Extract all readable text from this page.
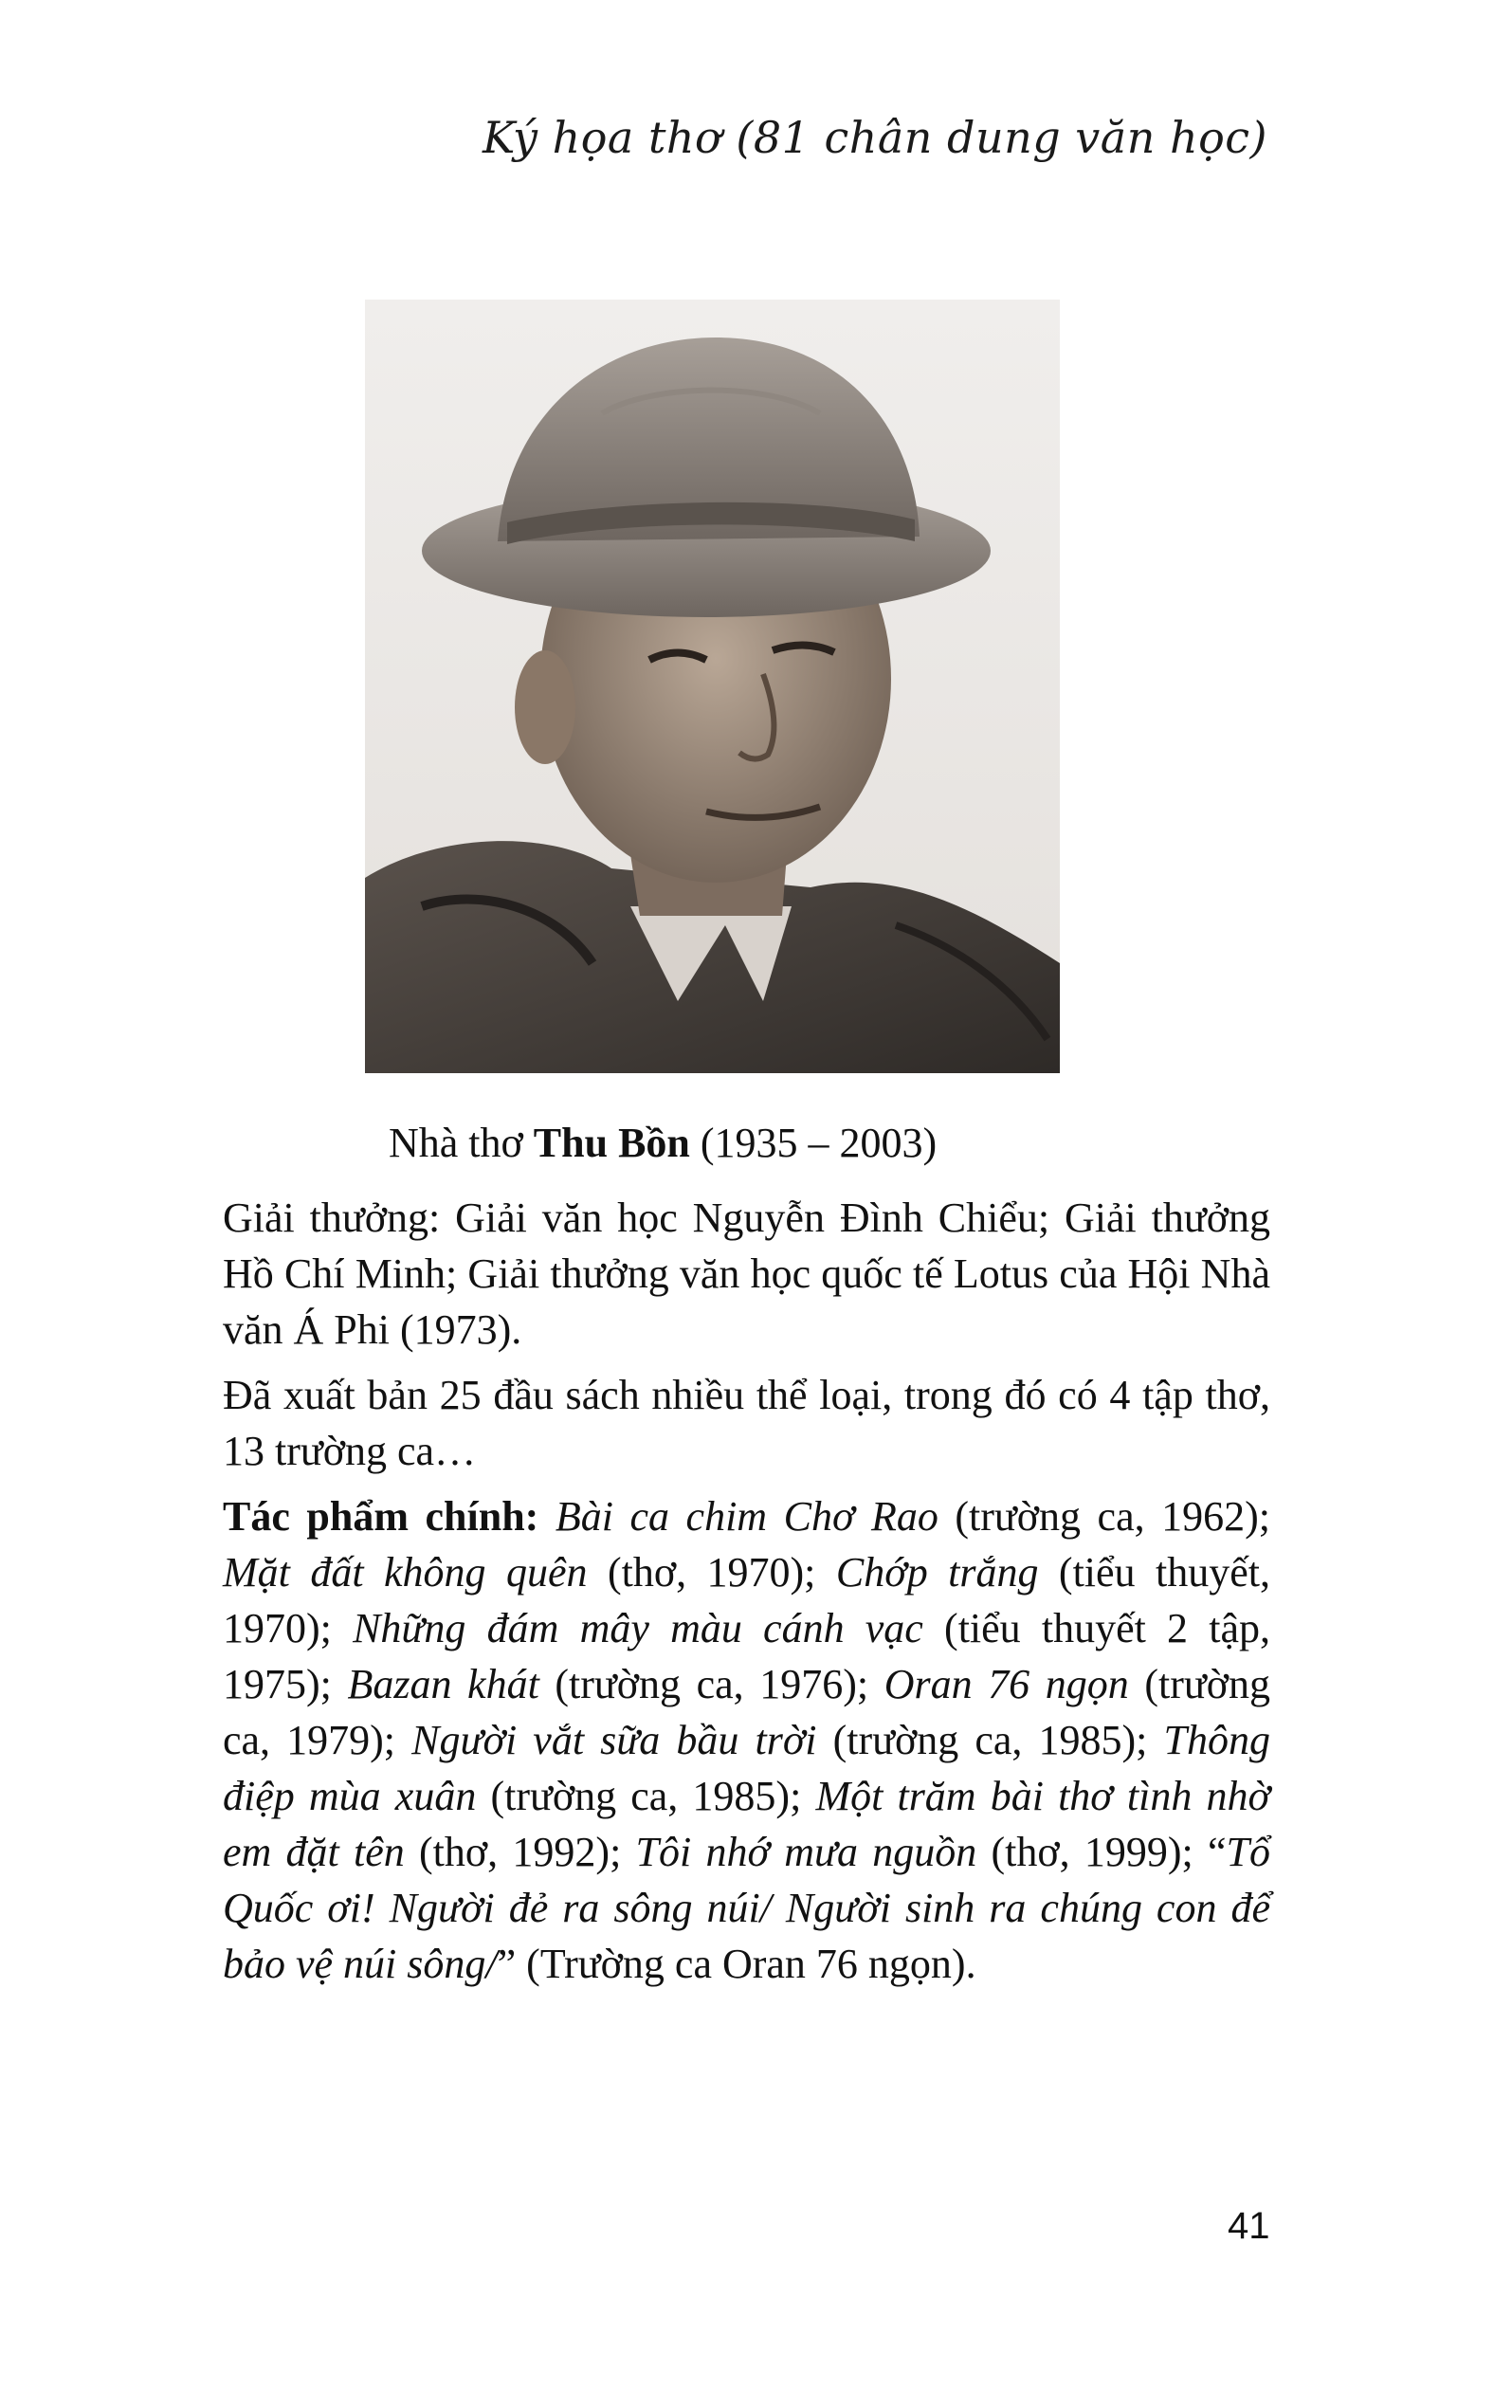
Ký họa thơ (81 chân dung văn học)
Nhà thơ Thu Bồn (1935 – 2003)

Giải thưởng: Giải văn học Nguyễn Đình Chiểu; Giải thưởng Hồ Chí Minh; Giải thưởng văn học quốc tế Lotus của Hội Nhà văn Á Phi (1973).

Đã xuất bản 25 đầu sách nhiều thể loại, trong đó có 4 tập thơ, 13 trường ca…

Tác phẩm chính: Bài ca chim Chơ Rao (trường ca, 1962); Mặt đất không quên (thơ, 1970); Chớp trắng (tiểu thuyết, 1970); Những đám mây màu cánh vạc (tiểu thuyết 2 tập, 1975); Bazan khát (trường ca, 1976); Oran 76 ngọn (trường ca, 1979); Người vắt sữa bầu trời (trường ca, 1985); Thông điệp mùa xuân (trường ca, 1985); Một trăm bài thơ tình nhờ em đặt tên (thơ, 1992); Tôi nhớ mưa nguồn (thơ, 1999); “Tổ Quốc ơi! Người đẻ ra sông núi/ Người sinh ra chúng con để bảo vệ núi sông/” (Trường ca Oran 76 ngọn).

41
